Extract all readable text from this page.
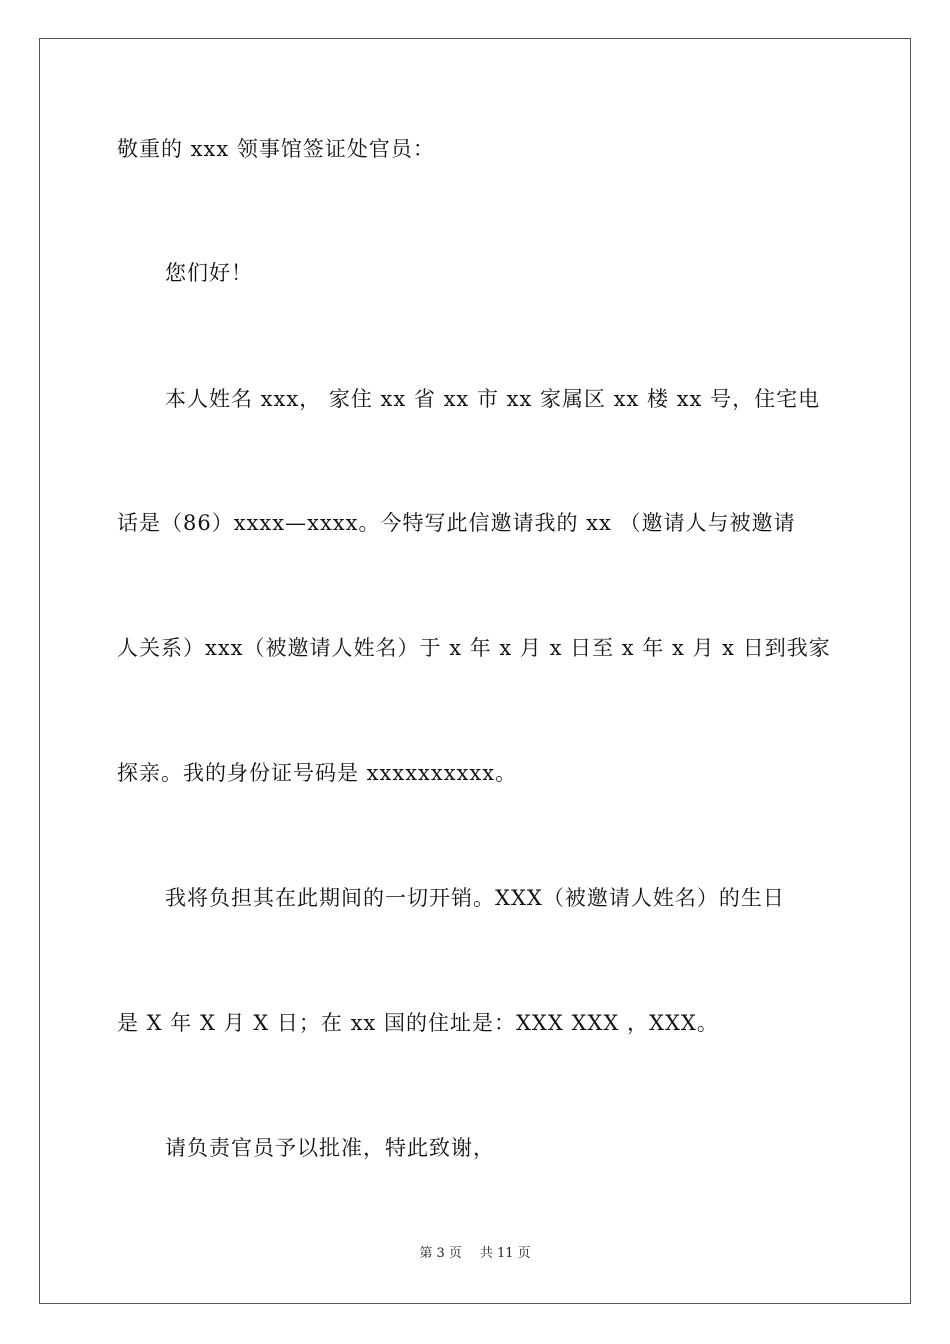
敬重的 xxx 领事馆签证处官员：
您们好！
本人姓名 xxx， 家住 xx 省 xx 市 xx 家属区 xx 楼 xx 号，住宅电
话是（86）xxxx—xxxx。今特写此信邀请我的 xx （邀请人与被邀请
人关系）xxx（被邀请人姓名）于 x 年 x 月 x 日至 x 年 x 月 x 日到我家
探亲。我的身份证号码是 xxxxxxxxxx。
我将负担其在此期间的一切开销。XXX（被邀请人姓名）的生日
是 X 年 X 月 X 日；在 xx 国的住址是：XXX XXX ，XXX。
请负责官员予以批准，特此致谢，
第 3 页 共 11 页
